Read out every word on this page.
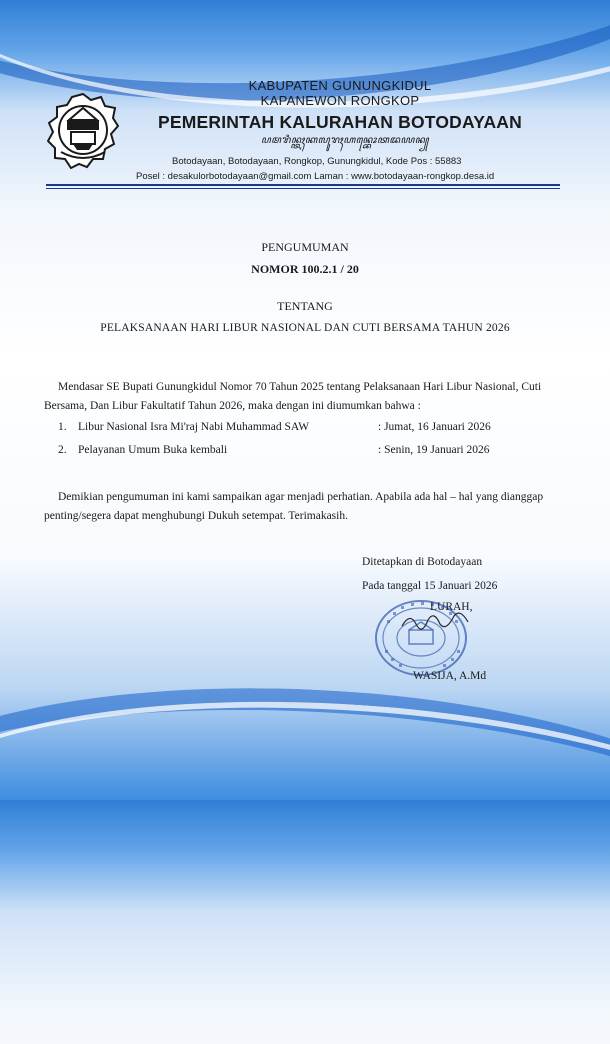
KABUPATEN GUNUNGKIDUL
KAPANEWON RONGKOP
PEMERINTAH KALURAHAN BOTODAYAAN
ꦥꦩꦫꦶꦤ꧀ꦠꦃꦏꦭꦸꦫꦃꦲꦤ꧀ꦧꦺꦴꦠꦢꦪꦤ꧀
Botodayaan, Botodayaan, Rongkop, Gunungkidul, Kode Pos : 55883
Posel : desakulorbotodayaan@gmail.com Laman : www.botodayaan-rongkop.desa.id
PENGUMUMAN
NOMOR 100.2.1 / 20
TENTANG
PELAKSANAAN HARI LIBUR NASIONAL DAN CUTI BERSAMA TAHUN 2026
Mendasar SE Bupati Gunungkidul Nomor 70 Tahun 2025 tentang Pelaksanaan Hari Libur Nasional, Cuti Bersama, Dan Libur Fakultatif Tahun 2026, maka dengan ini diumumkan bahwa :
1. Libur Nasional Isra Mi'raj Nabi Muhammad SAW	: Jumat, 16 Januari 2026
2. Pelayanan Umum Buka kembali	: Senin, 19 Januari 2026
Demikian pengumuman ini kami sampaikan agar menjadi perhatian. Apabila ada hal – hal yang dianggap penting/segera dapat menghubungi Dukuh setempat. Terimakasih.
Ditetapkan di Botodayaan
Pada tanggal 15 Januari 2026
LURAH,
WASIJA, A.Md
